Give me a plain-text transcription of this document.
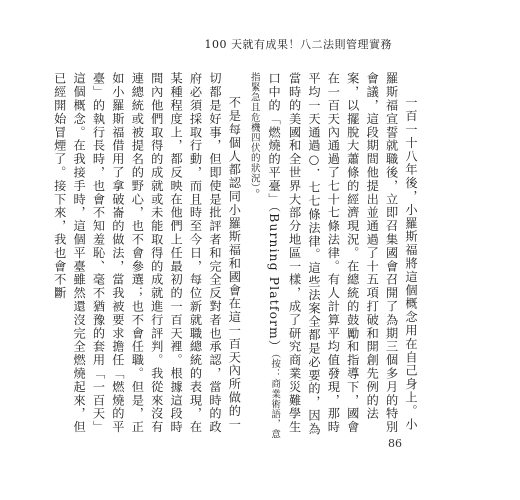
100 天就有成果！八二法則管理實務

一百一十八年後，小羅斯福將這個概念用在自己身上。小羅斯福宣誓就職後，立即召集國會召開了為期三個多月的特別會議，這段期間他提出並通過了十五項打破和開創先例的法案，以擺脫大蕭條的經濟現況。在總統的鼓勵和指導下，國會在一百天內通過了七十七條法律。有人計算平均值發現，那時平均一天通過○．七七條法律。這些法案全都是必要的，因為當時的美國和全世界大部分地區一樣，成了研究商業災難學生口中的「燃燒的平臺」（Burning Platform）（按：商業術語，意指緊急且危機四伏的狀況）。

不是每個人都認同小羅斯福和國會在這一百天內所做的一切都是好事，但即使是批評者和完全反對者也承認，當時的政府必須採取行動，而且時至今日，每位新就職總統的表現，在某種程度上，都反映在他們上任最初的一百天裡。根據這段時間內他們取得的成就或未能取得的成就進行評判。我從來沒有連總統或被提名的野心，也不會參選；也不會任職。但是，正如小羅斯福借用了拿破崙的做法，當我被要求擔任「燃燒的平臺」的執行長時，也會不知羞恥、毫不猶豫的套用「一百天」這個概念。在我接手時，這個平臺雖然還沒完全燃燒起來，但已經開始冒煙了。接下來，我也會不斷

86
